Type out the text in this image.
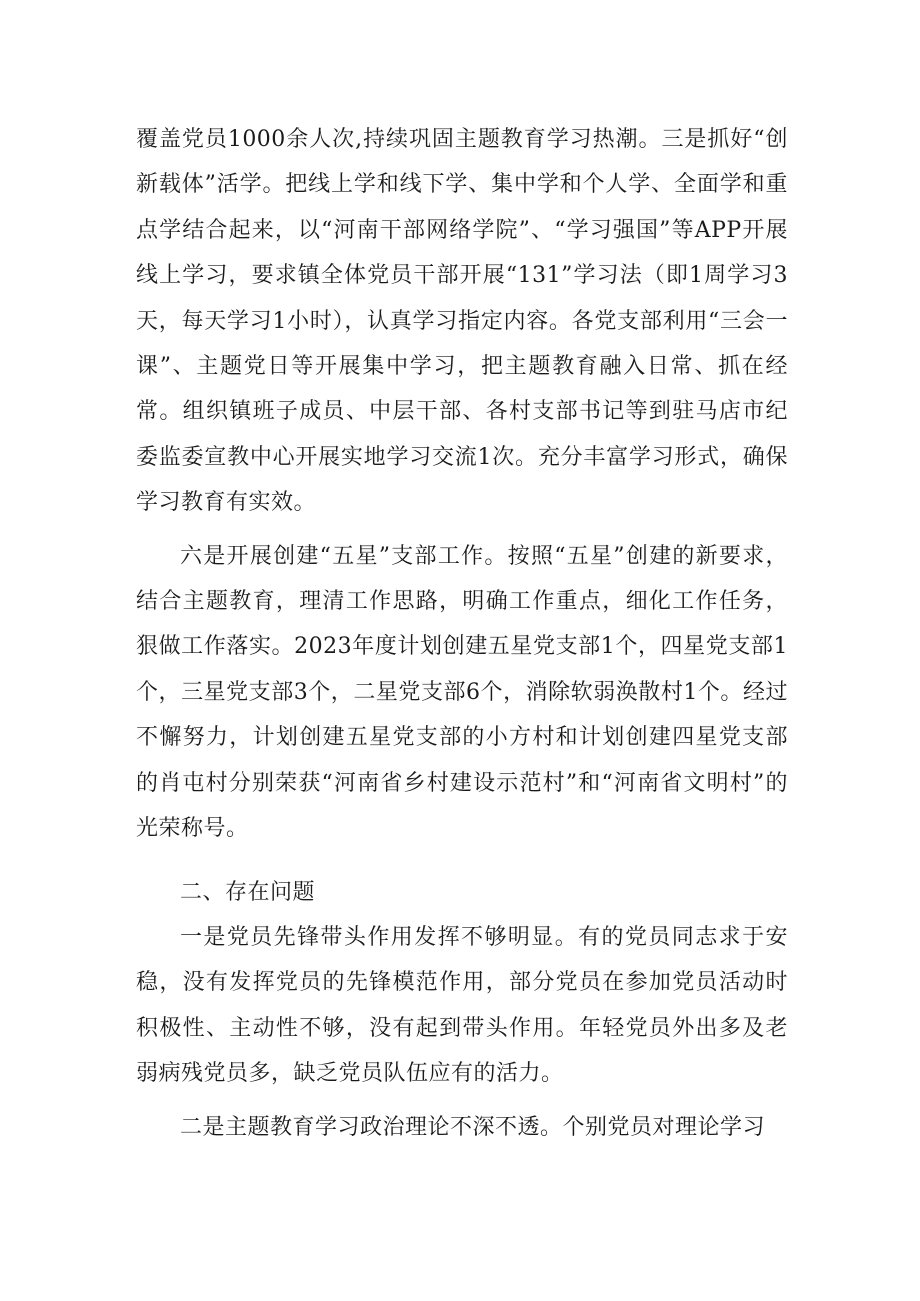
覆盖党员1000余人次,持续巩固主题教育学习热潮。三是抓好“创新载体”活学。把线上学和线下学、集中学和个人学、全面学和重点学结合起来，以“河南干部网络学院”、“学习强国”等APP开展线上学习，要求镇全体党员干部开展“131”学习法（即1周学习3天，每天学习1小时），认真学习指定内容。各党支部利用“三会一课”、主题党日等开展集中学习，把主题教育融入日常、抓在经常。组织镇班子成员、中层干部、各村支部书记等到驻马店市纪委监委宣教中心开展实地学习交流1次。充分丰富学习形式，确保学习教育有实效。

六是开展创建“五星”支部工作。按照“五星”创建的新要求，结合主题教育，理清工作思路，明确工作重点，细化工作任务，狠做工作落实。2023年度计划创建五星党支部1个，四星党支部1个，三星党支部3个，二星党支部6个，消除软弱涣散村1个。经过不懈努力，计划创建五星党支部的小方村和计划创建四星党支部的肖屯村分别荣获“河南省乡村建设示范村”和“河南省文明村”的光荣称号。

二、存在问题

一是党员先锋带头作用发挥不够明显。有的党员同志求于安稳，没有发挥党员的先锋模范作用，部分党员在参加党员活动时积极性、主动性不够，没有起到带头作用。年轻党员外出多及老弱病残党员多，缺乏党员队伍应有的活力。

二是主题教育学习政治理论不深不透。个别党员对理论学习
